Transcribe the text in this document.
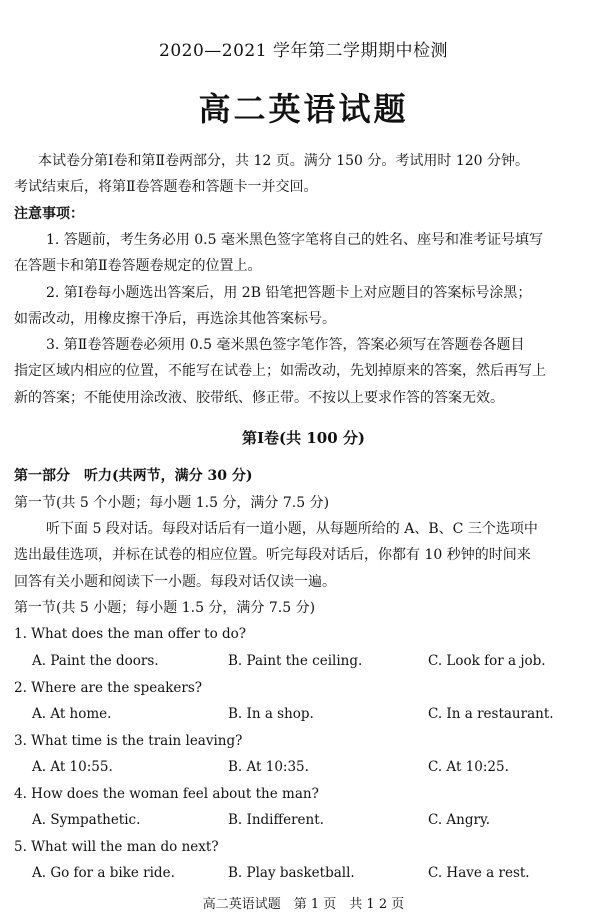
2020—2021 学年第二学期期中检测
高二英语试题
本试卷分第Ⅰ卷和第Ⅱ卷两部分，共 12 页。满分 150 分。考试用时 120 分钟。
考试结束后，将第Ⅱ卷答题卷和答题卡一并交回。
注意事项：
1. 答题前，考生务必用 0.5 毫米黑色签字笔将自己的姓名、座号和准考证号填写
在答题卡和第Ⅱ卷答题卷规定的位置上。
2. 第Ⅰ卷每小题选出答案后，用 2B 铅笔把答题卡上对应题目的答案标号涂黑；
如需改动，用橡皮擦干净后，再选涂其他答案标号。
3. 第Ⅱ卷答题卷必须用 0.5 毫米黑色签字笔作答，答案必须写在答题卷各题目
指定区域内相应的位置，不能写在试卷上；如需改动，先划掉原来的答案，然后再写上
新的答案；不能使用涂改液、胶带纸、修正带。不按以上要求作答的答案无效。
第Ⅰ卷(共 100 分)
第一部分　听力(共两节，满分 30 分)
第一节(共 5 个小题；每小题 1.5 分，满分 7.5 分)
听下面 5 段对话。每段对话后有一道小题，从每题所给的 A、B、C 三个选项中
选出最佳选项，并标在试卷的相应位置。听完每段对话后，你都有 10 秒钟的时间来
回答有关小题和阅读下一小题。每段对话仅读一遍。
第一节(共 5 小题；每小题 1.5 分，满分 7.5 分)
1. What does the man offer to do?
A. Paint the doors.	B. Paint the ceiling.	C. Look for a job.
2. Where are the speakers?
A. At home.	B. In a shop.	C. In a restaurant.
3. What time is the train leaving?
A. At 10:55.	B. At 10:35.	C. At 10:25.
4. How does the woman feel about the man?
A. Sympathetic.	B. Indifferent.	C. Angry.
5. What will the man do next?
A. Go for a bike ride.	B. Play basketball.	C. Have a rest.
高二英语试题　第 1 页　共 1 2 页
